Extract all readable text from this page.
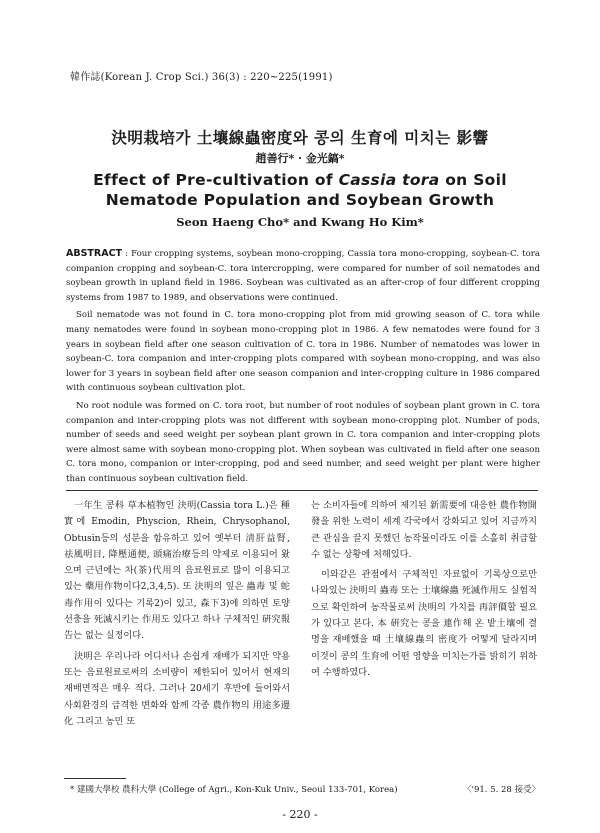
韓作誌(Korean J. Crop Sci.) 36(3) : 220~225(1991)
決明栽培가 土壤線蟲密度와 콩의 生育에 미치는 影響
趙善行* · 金光鎬*
Effect of Pre-cultivation of Cassia tora on Soil
Nematode Population and Soybean Growth
Seon Haeng Cho* and Kwang Ho Kim*

ABSTRACT : Four cropping systems, soybean mono-cropping, Cassia tora mono-cropping, soybean-C. tora companion cropping and soybean-C. tora intercropping, were compared for number of soil nematodes and soybean growth in upland field in 1986. Soybean was cultivated as an after-crop of four different cropping systems from 1987 to 1989, and observations were continued.

Soil nematode was not found in C. tora mono-cropping plot from mid growing season of C. tora while many nematodes were found in soybean mono-cropping plot in 1986. A few nematodes were found for 3 years in soybean field after one season cultivation of C. tora in 1986. Number of nematodes was lower in soybean-C. tora companion and inter-cropping plots compared with soybean mono-cropping, and was also lower for 3 years in soybean field after one season companion and inter-cropping culture in 1986 compared with continuous soybean cultivation plot.

No root nodule was formed on C. tora root, but number of root nodules of soybean plant grown in C. tora companion and inter-cropping plots was not different with soybean mono-cropping plot. Number of pods, number of seeds and seed weight per soybean plant grown in C. tora companion and inter-cropping plots were almost same with soybean mono-cropping plot. When soybean was cultivated in field after one season C. tora mono, companion or inter-cropping, pod and seed number, and seed weight per plant were higher than continuous soybean cultivation field.

一年生 콩科 草本植物인 決明(Cassia tora L.)은 種實에 Emodin, Physcion, Rhein, Chrysophanol, Obtusin등의 성분을 함유하고 있어 옛부터 淸肝益腎, 祛風明目, 降壓通便, 頭痛治療등의 약제로 이용되어 왔으며 근년에는 차(茶)代用의 음료원료로 많이 이용되고 있는 藥用作物이다2,3,4,5). 또 決明의 잎은 蟲毒 및 蛇毒作用이 있다는 기록2)이 있고, 森下3)에 의하면 토양선충을 死滅시키는 作用도 있다고 하나 구체적인 硏究報告는 없는 실정이다.

決明은 우리나라 어디서나 손쉽게 재배가 되지만 약용 또는 음료원료로써의 소비량이 제한되어 있어서 현재의 재배면적은 매우 적다. 그러나 20세기 후반에 들어와서 사회환경의 급격한 변화와 함께 각종 農作物의 用途多邊化 그리고 농민 또

는 소비자들에 의하여 제기된 新需要에 대응한 農作物開發을 위한 노력이 세계 각국에서 강화되고 있어 지금까지 큰 관심을 끌지 못했던 농작물이라도 이를 소홀히 취급할 수 없는 상황에 처해있다.

이와같은 관점에서 구체적인 자료없이 기록상으로만 나와있는 決明의 蟲毒 또는 土壤線蟲 死滅作用도 실험적으로 확인하여 농작물로써 決明의 가치를 再評價할 필요가 있다고 본다. 本 硏究는 콩을 連作해 온 밭土壤에 결명을 재배했을 때 土壤線蟲의 密度가 어떻게 달라지며 이것이 콩의 生育에 어떤 영향을 미치는가를 밝히기 위하여 수행하였다.

* 建國大學校 農科大學 (College of Agri., Kon-Kuk Univ., Seoul 133-701, Korea)	〈'91. 5. 28 接受〉
- 220 -
